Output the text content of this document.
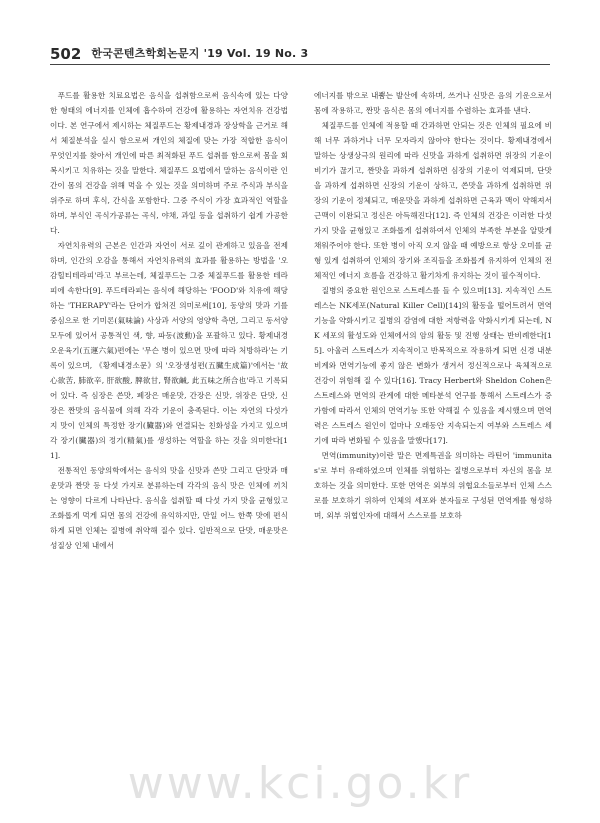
502 한국콘텐츠학회논문지 '19 Vol. 19 No. 3

푸드를 활용한 치료요법은 음식을 섭취함으로써 음식속에 있는 다양한 형태의 에너지를 인체에 흡수하여 건강에 활용하는 자연치유 건강법이다. 본 연구에서 제시하는 체질푸드는 황제내경과 장상학을 근거로 해서 체질분석을 실시 함으로써 개인의 체질에 맞는 가장 적합한 음식이 무엇인지를 찾아서 개인에 따른 최적화된 푸드 섭취를 함으로써 몸을 회복시키고 치유하는 것을 말한다. 체질푸드 요법에서 말하는 음식이란 인간이 몸의 건강을 위해 먹을 수 있는 것을 의미하며 주로 주식과 부식을 위주로 하며 후식, 간식을 포함한다. 그중 주식이 가장 효과적인 역할을 하며, 부식인 곡식가공류는 곡식, 야채, 과일 등을 섭취하기 쉽게 가공한다.

자연치유력의 근본은 인간과 자연이 서로 깊이 관계하고 있음을 전제하며, 인간의 오감을 통해서 자연치유력의 효과를 활용하는 방법을 '오감힐티테라피'라고 부르는데, 체질푸드는 그중 체질푸드를 활용한 테라피에 속한다[9]. 푸드테라피는 음식에 해당하는 'FOOD'와 치유에 해당하는 'THERAPY'라는 단어가 합쳐진 의미로써[10], 동양의 맛과 기를 중심으로 한 기미론(氣味論) 사상과 서양의 영양학 측면, 그리고 동서양 모두에 있어서 공통적인 색, 향, 파동(波動)을 포괄하고 있다. 황제내경 오운육기(五運六氣)편에는 '무슨 병이 있으면 맛에 따라 처방하라'는 기록이 있으며, 《황제내경소문》의 '오장생성편(五臟生成篇)'에서는 '故心欲苦, 肺欲辛, 肝欲酸, 脾欲甘, 腎欲鹹, 此五味之所合也'라고 기록되어 있다. 즉 심장은 쓴맛, 폐장은 매운맛, 간장은 신맛, 위장은 단맛, 신장은 짠맛의 음식물에 의해 각각 기운이 충족된다. 이는 자연의 다섯가지 맛이 인체의 특정한 장기(臟器)와 연결되는 친화성을 가지고 있으며 각 장기(臟器)의 정기(精氣)를 생성하는 역할을 하는 것을 의미한다[11].

전통적인 동양의학에서는 음식의 맛을 신맛과 쓴맛 그리고 단맛과 매운맛과 짠맛 등 다섯 가지로 분류하는데 각각의 음식 맛은 인체에 끼치는 영향이 다르게 나타난다. 음식을 섭취할 때 다섯 가지 맛을 균형있고 조화롭게 먹게 되면 몸의 건강에 유익하지만, 만일 어느 한쪽 맛에 편식하게 되면 인체는 질병에 취약해 질수 있다. 일반적으로 단맛, 매운맛은 성질상 인체 내에서

에너지를 밖으로 내뿜는 발산에 속하며, 쓰거나 신맛은 음의 기운으로서 몸에 작용하고, 짠맛 음식은 몸의 에너지를 수렴하는 효과를 낸다.

체질푸드를 인체에 적용할 때 간과하면 안되는 것은 인체의 필요에 비해 너무 과하거나 너무 모자라지 않아야 한다는 것이다. 황제내경에서 말하는 상생상극의 원리에 따라 신맛을 과하게 섭취하면 위장의 기운이 비기가 끊기고, 짠맛을 과하게 섭취하면 심장의 기운이 억제되며, 단맛을 과하게 섭취하면 신장의 기운이 상하고, 쓴맛을 과하게 섭취하면 위장의 기운이 정체되고, 매운맛을 과하게 섭취하면 근육과 맥이 약해져서 근맥이 이완되고 정신은 아득해진다[12]. 즉 인체의 건강은 이러한 다섯가지 맛을 균형있고 조화롭게 섭취하여서 인체의 부족한 부분을 알맞게 채워주어야 한다. 또한 병이 아직 오지 않을 때 예방으로 항상 오미를 균형 있게 섭취하여 인체의 장기와 조직들을 조화롭게 유지하여 인체의 전체적인 에너지 흐름을 건강하고 활기차게 유지하는 것이 필수적이다.

질병의 중요한 원인으로 스트레스를 들 수 있으며[13]. 지속적인 스트레스는 NK세포(Natural Killer Cell)[14]의 활동을 떨어트려서 면역기능을 약화시키고 질병의 감염에 대한 저항력을 약화시키게 되는데, NK 세포의 활성도와 인체에서의 암의 활동 및 진행 상태는 반비례한다[15]. 아울러 스트레스가 지속적이고 반복적으로 작용하게 되면 신경 내분비계와 면역기능에 좋지 않은 변화가 생겨서 정신적으로나 육체적으로 건강이 위험해 질 수 있다[16]. Tracy Herbert와 Sheldon Cohen은 스트레스와 면역의 관계에 대한 메타분석 연구를 통해서 스트레스가 증가함에 따라서 인체의 면역기능 또한 약해질 수 있음을 제시했으며 면역력은 스트레스 원인이 얼마나 오래동안 지속되는지 여부와 스트레스 세기에 따라 변화될 수 있음을 말했다[17].

면역(immunity)이란 말은 면제특권을 의미하는 라틴어 'immunitas'로 부터 유래하였으며 인체를 위협하는 질병으로부터 자신의 몸을 보호하는 것을 의미한다. 또한 면역은 외부의 위협요소들로부터 인체 스스로를 보호하기 위하여 인체의 세포와 분자들로 구성된 면역계를 형성하며, 외부 위협인자에 대해서 스스로를 보호하

www.kci.go.kr
